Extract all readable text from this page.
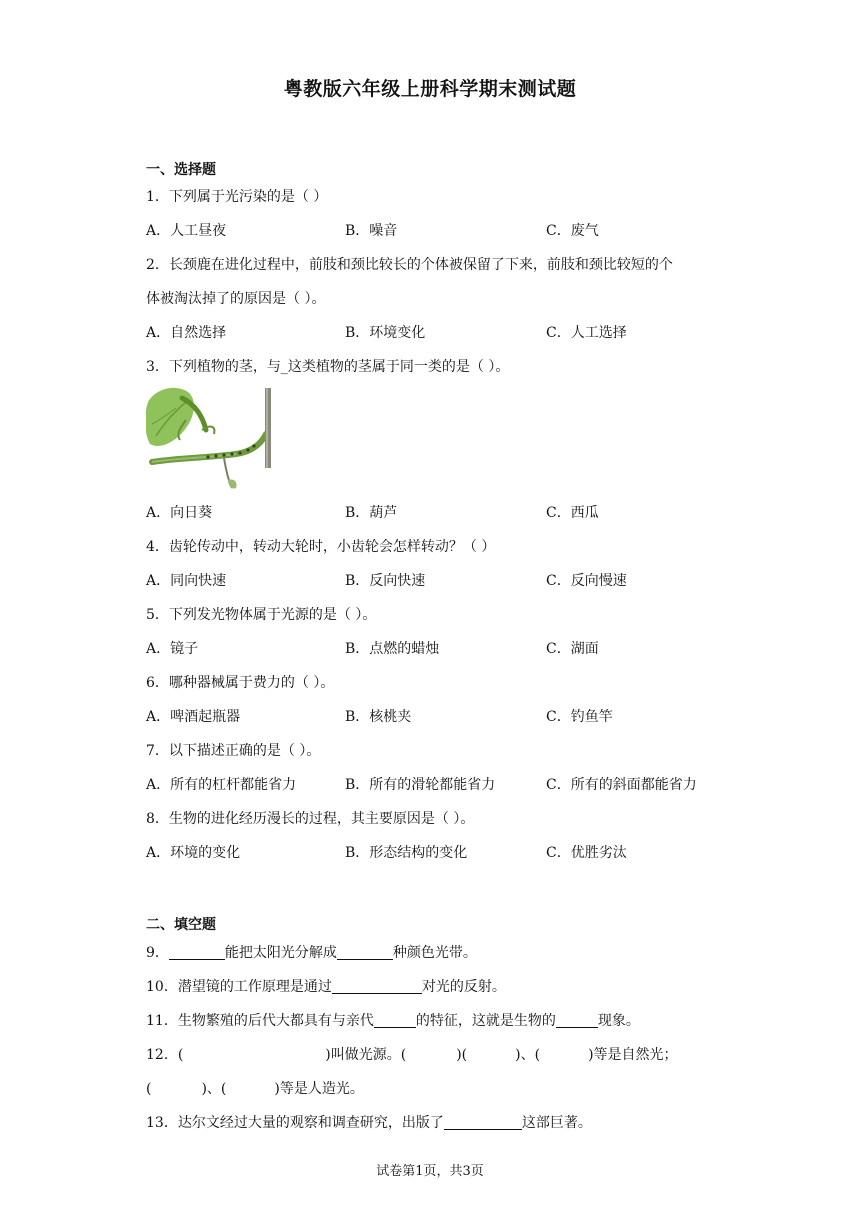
粤教版六年级上册科学期末测试题
一、选择题
1．下列属于光污染的是（ ）
A．人工昼夜	B．噪音	C．废气
2．长颈鹿在进化过程中，前肢和颈比较长的个体被保留了下来，前肢和颈比较短的个
体被淘汰掉了的原因是（ ）。
A．自然选择	B．环境变化	C．人工选择
3．下列植物的茎，与_这类植物的茎属于同一类的是（ ）。
A．向日葵	B．葫芦	C．西瓜
4．齿轮传动中，转动大轮时，小齿轮会怎样转动？（ ）
A．同向快速	B．反向快速	C．反向慢速
5．下列发光物体属于光源的是（ ）。
A．镜子	B．点燃的蜡烛	C．湖面
6．哪种器械属于费力的（ ）。
A．啤酒起瓶器	B．核桃夹	C．钓鱼竿
7．以下描述正确的是（ ）。
A．所有的杠杆都能省力	B．所有的滑轮都能省力	C．所有的斜面都能省力
8．生物的进化经历漫长的过程，其主要原因是（ ）。
A．环境的变化	B．形态结构的变化	C．优胜劣汰
二、填空题
9．	能把太阳光分解成	种颜色光带。
10．潜望镜的工作原理是通过	对光的反射。
11．生物繁殖的后代大都具有与亲代	的特征，这就是生物的	现象。
12．(	)叫做光源。(	)(	)、(	)等是自然光；
(	)、(	)等是人造光。
13．达尔文经过大量的观察和调查研究，出版了	这部巨著。
试卷第1页，共3页
